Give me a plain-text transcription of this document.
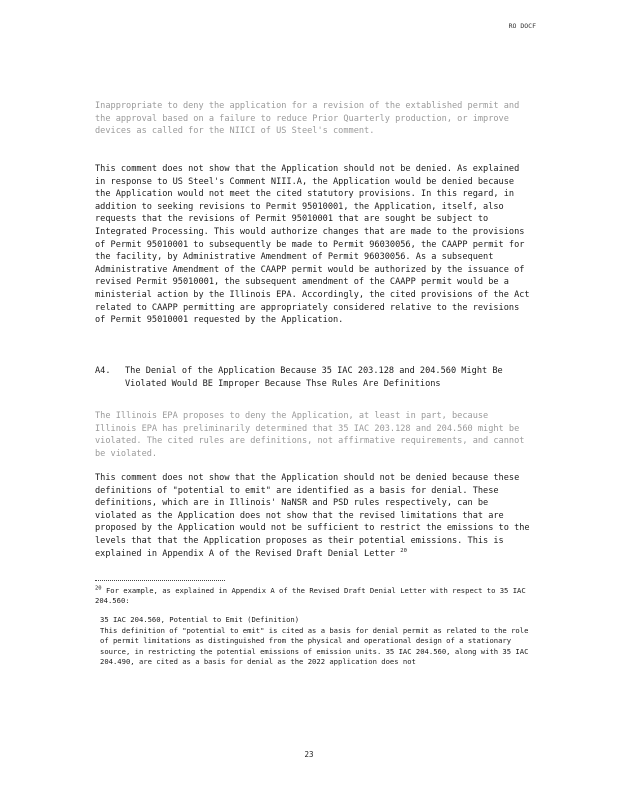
RO DOCF

Inappropriate to deny the application for a revision of the extablished permit and the approval based on a failure to reduce Prior Quarterly production, or improve devices as called for the NIICI of US Steel's comment.

This comment does not show that the Application should not be denied. As explained in response to US Steel's Comment NIII.A, the Application would be denied because the Application would not meet the cited statutory provisions. In this regard, in addition to seeking revisions to Permit 95010001, the Application, itself, also requests that the revisions of Permit 95010001 that are sought be subject to Integrated Processing. This would authorize changes that are made to the provisions of Permit 95010001 to subsequently be made to Permit 96030056, the CAAPP permit for the facility, by Administrative Amendment of Permit 96030056. As a subsequent Administrative Amendment of the CAAPP permit would be authorized by the issuance of revised Permit 95010001, the subsequent amendment of the CAAPP permit would be a ministerial action by the Illinois EPA. Accordingly, the cited provisions of the Act related to CAAPP permitting are appropriately considered relative to the revisions of Permit 95010001 requested by the Application.

A4. The Denial of the Application Because 35 IAC 203.128 and 204.560 Might Be Violated Would BE Improper Because Thse Rules Are Definitions

The Illinois EPA proposes to deny the Application, at least in part, because Illinois EPA has preliminarily determined that 35 IAC 203.128 and 204.560 might be violated. The cited rules are definitions, not affirmative requirements, and cannot be violated.

This comment does not show that the Application should not be denied because these definitions of "potential to emit" are identified as a basis for denial. These definitions, which are in Illinois' NaNSR and PSD rules respectively, can be violated as the Application does not show that the revised limitations that are proposed by the Application would not be sufficient to restrict the emissions to the levels that that the Application proposes as their potential emissions. This is explained in Appendix A of the Revised Draft Denial Letter $^{20}$

$^{20}$ For example, as explained in Appendix A of the Revised Draft Denial Letter with respect to 35 IAC 204.560:

35 IAC 204.560, Potential to Emit (Definition)

This definition of "potential to emit" is cited as a basis for denial permit as related to the role of permit limitations as distinguished from the physical and operational design of a stationary source, in restricting the potential emissions of emission units. 35 IAC 204.560, along with 35 IAC 204.490, are cited as a basis for denial as the 2022 application does not

23
